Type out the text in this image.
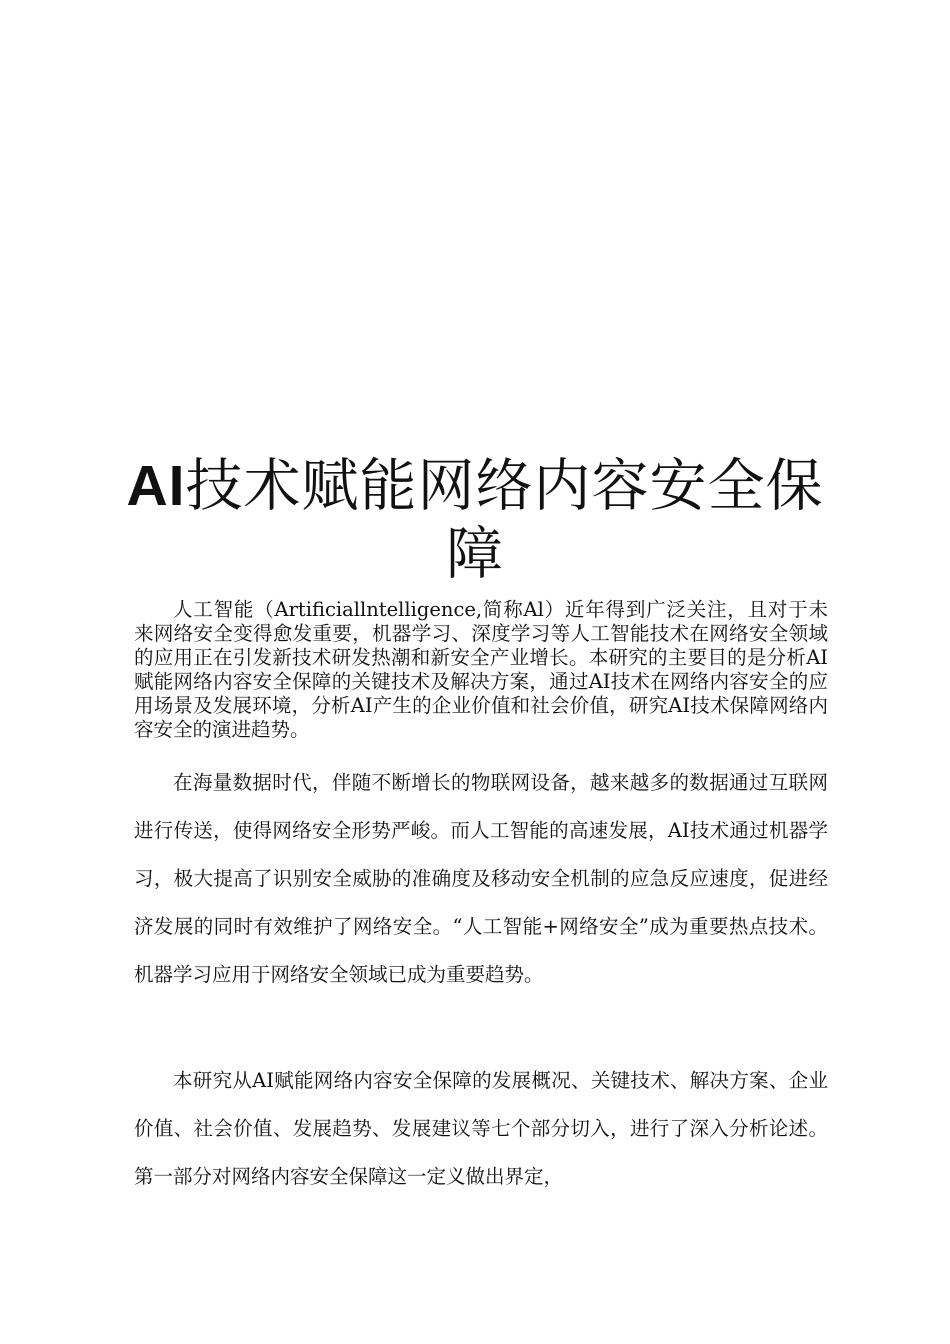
AI技术赋能网络内容安全保障

人工智能（Artificiallntelligence,简称Al）近年得到广泛关注，且对于未来网络安全变得愈发重要，机器学习、深度学习等人工智能技术在网络安全领域的应用正在引发新技术研发热潮和新安全产业增长。本研究的主要目的是分析AI赋能网络内容安全保障的关键技术及解决方案，通过AI技术在网络内容安全的应用场景及发展环境，分析AI产生的企业价值和社会价值，研究AI技术保障网络内容安全的演进趋势。

在海量数据时代，伴随不断增长的物联网设备，越来越多的数据通过互联网进行传送，使得网络安全形势严峻。而人工智能的高速发展，AI技术通过机器学习，极大提高了识别安全威胁的准确度及移动安全机制的应急反应速度，促进经济发展的同时有效维护了网络安全。“人工智能+网络安全”成为重要热点技术。机器学习应用于网络安全领域已成为重要趋势。

本研究从AI赋能网络内容安全保障的发展概况、关键技术、解决方案、企业价值、社会价值、发展趋势、发展建议等七个部分切入，进行了深入分析论述。第一部分对网络内容安全保障这一定义做出界定，
